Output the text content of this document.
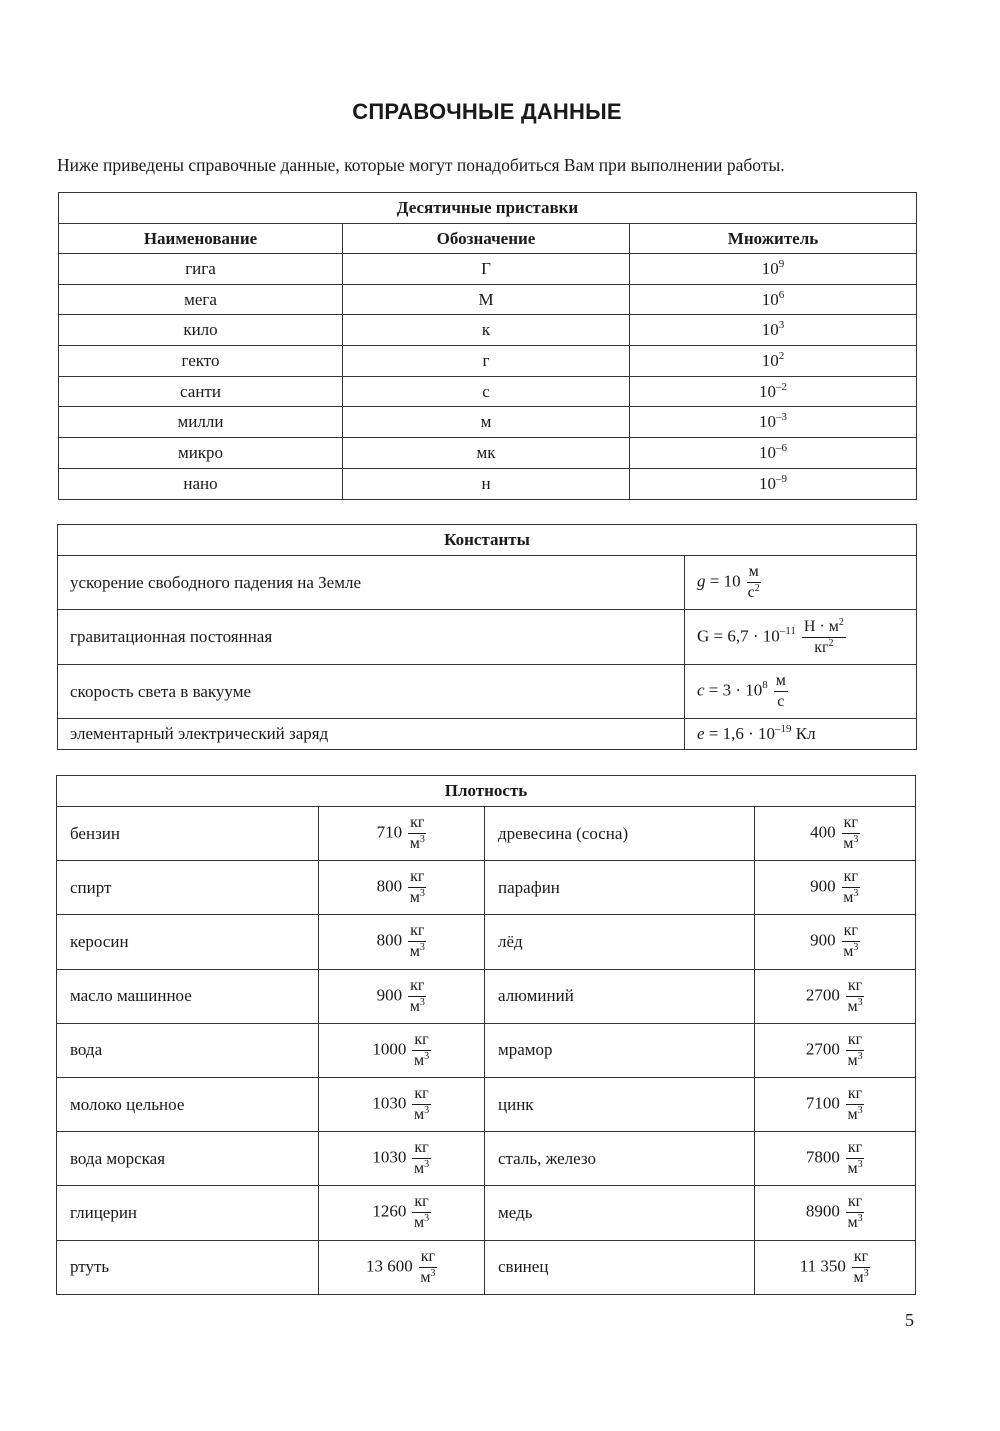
СПРАВОЧНЫЕ ДАННЫЕ
Ниже приведены справочные данные, которые могут понадобиться Вам при выполнении работы.
Десятичные приставки		
Наименование	Обозначение	Множитель
гига	Г	$10^9$
мега	М	$10^6$
кило	к	$10^3$
гекто	г	$10^2$
санти	с	$10^{-2}$
милли	м	$10^{-3}$
микро	мк	$10^{-6}$
нано	н	$10^{-9}$
Константы	
ускорение свободного падения на Земле	$g = 10 \frac{м}{с^2}$

гравитационная постоянная	$G = 6,7 \cdot 10^{-11} \frac{Н \cdot м^2}{кг^2}$

скорость света в вакууме	$c = 3 \cdot 10^8 \frac{м}{с}$

элементарный электрический заряд	$e = 1,6 \cdot 10^{-19}$ Кл
Плотность			
бензин	$710 \frac{кг}{м^3}$	древесина (сосна)	$400 \frac{кг}{м^3}$

спирт	$800 \frac{кг}{м^3}$	парафин	$900 \frac{кг}{м^3}$

керосин	$800 \frac{кг}{м^3}$	лёд	$900 \frac{кг}{м^3}$

масло машинное	$900 \frac{кг}{м^3}$	алюминий	$2700 \frac{кг}{м^3}$

вода	$1000 \frac{кг}{м^3}$	мрамор	$2700 \frac{кг}{м^3}$

молоко цельное	$1030 \frac{кг}{м^3}$	цинк	$7100 \frac{кг}{м^3}$

вода морская	$1030 \frac{кг}{м^3}$	сталь, железо	$7800 \frac{кг}{м^3}$

глицерин	$1260 \frac{кг}{м^3}$	медь	$8900 \frac{кг}{м^3}$

ртуть	13 $600 \frac{кг}{м^3}$	свинец	11 $350 \frac{кг}{м^3}$
5
